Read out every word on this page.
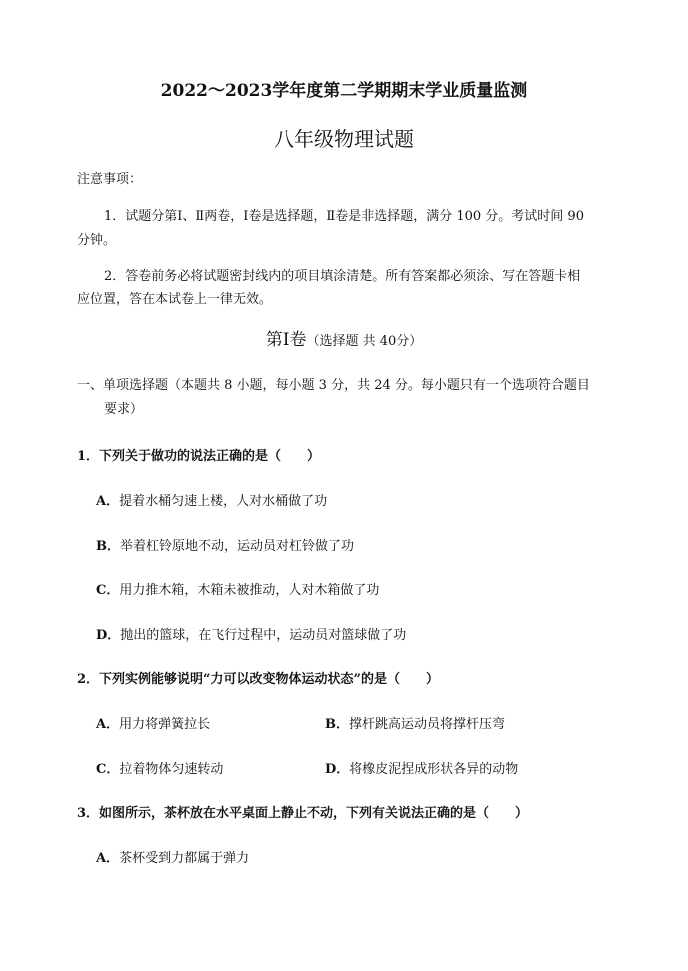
2022～2023学年度第二学期期末学业质量监测
八年级物理试题
注意事项：
1．试题分第Ⅰ、Ⅱ两卷，Ⅰ卷是选择题，Ⅱ卷是非选择题，满分 100 分。考试时间 90
分钟。
2．答卷前务必将试题密封线内的项目填涂清楚。所有答案都必须涂、写在答题卡相
应位置，答在本试卷上一律无效。
第Ⅰ卷（选择题 共 40分）
一、单项选择题（本题共 8 小题，每小题 3 分，共 24 分。每小题只有一个选项符合题目
要求）
1．下列关于做功的说法正确的是（　　）
A．提着水桶匀速上楼，人对水桶做了功
B．举着杠铃原地不动，运动员对杠铃做了功
C．用力推木箱，木箱未被推动，人对木箱做了功
D．抛出的篮球，在飞行过程中，运动员对篮球做了功
2．下列实例能够说明“力可以改变物体运动状态”的是（　　）
A．用力将弹簧拉长	B．撑杆跳高运动员将撑杆压弯
C．拉着物体匀速转动	D．将橡皮泥捏成形状各异的动物
3．如图所示，茶杯放在水平桌面上静止不动，下列有关说法正确的是（　　）
A．茶杯受到力都属于弹力
